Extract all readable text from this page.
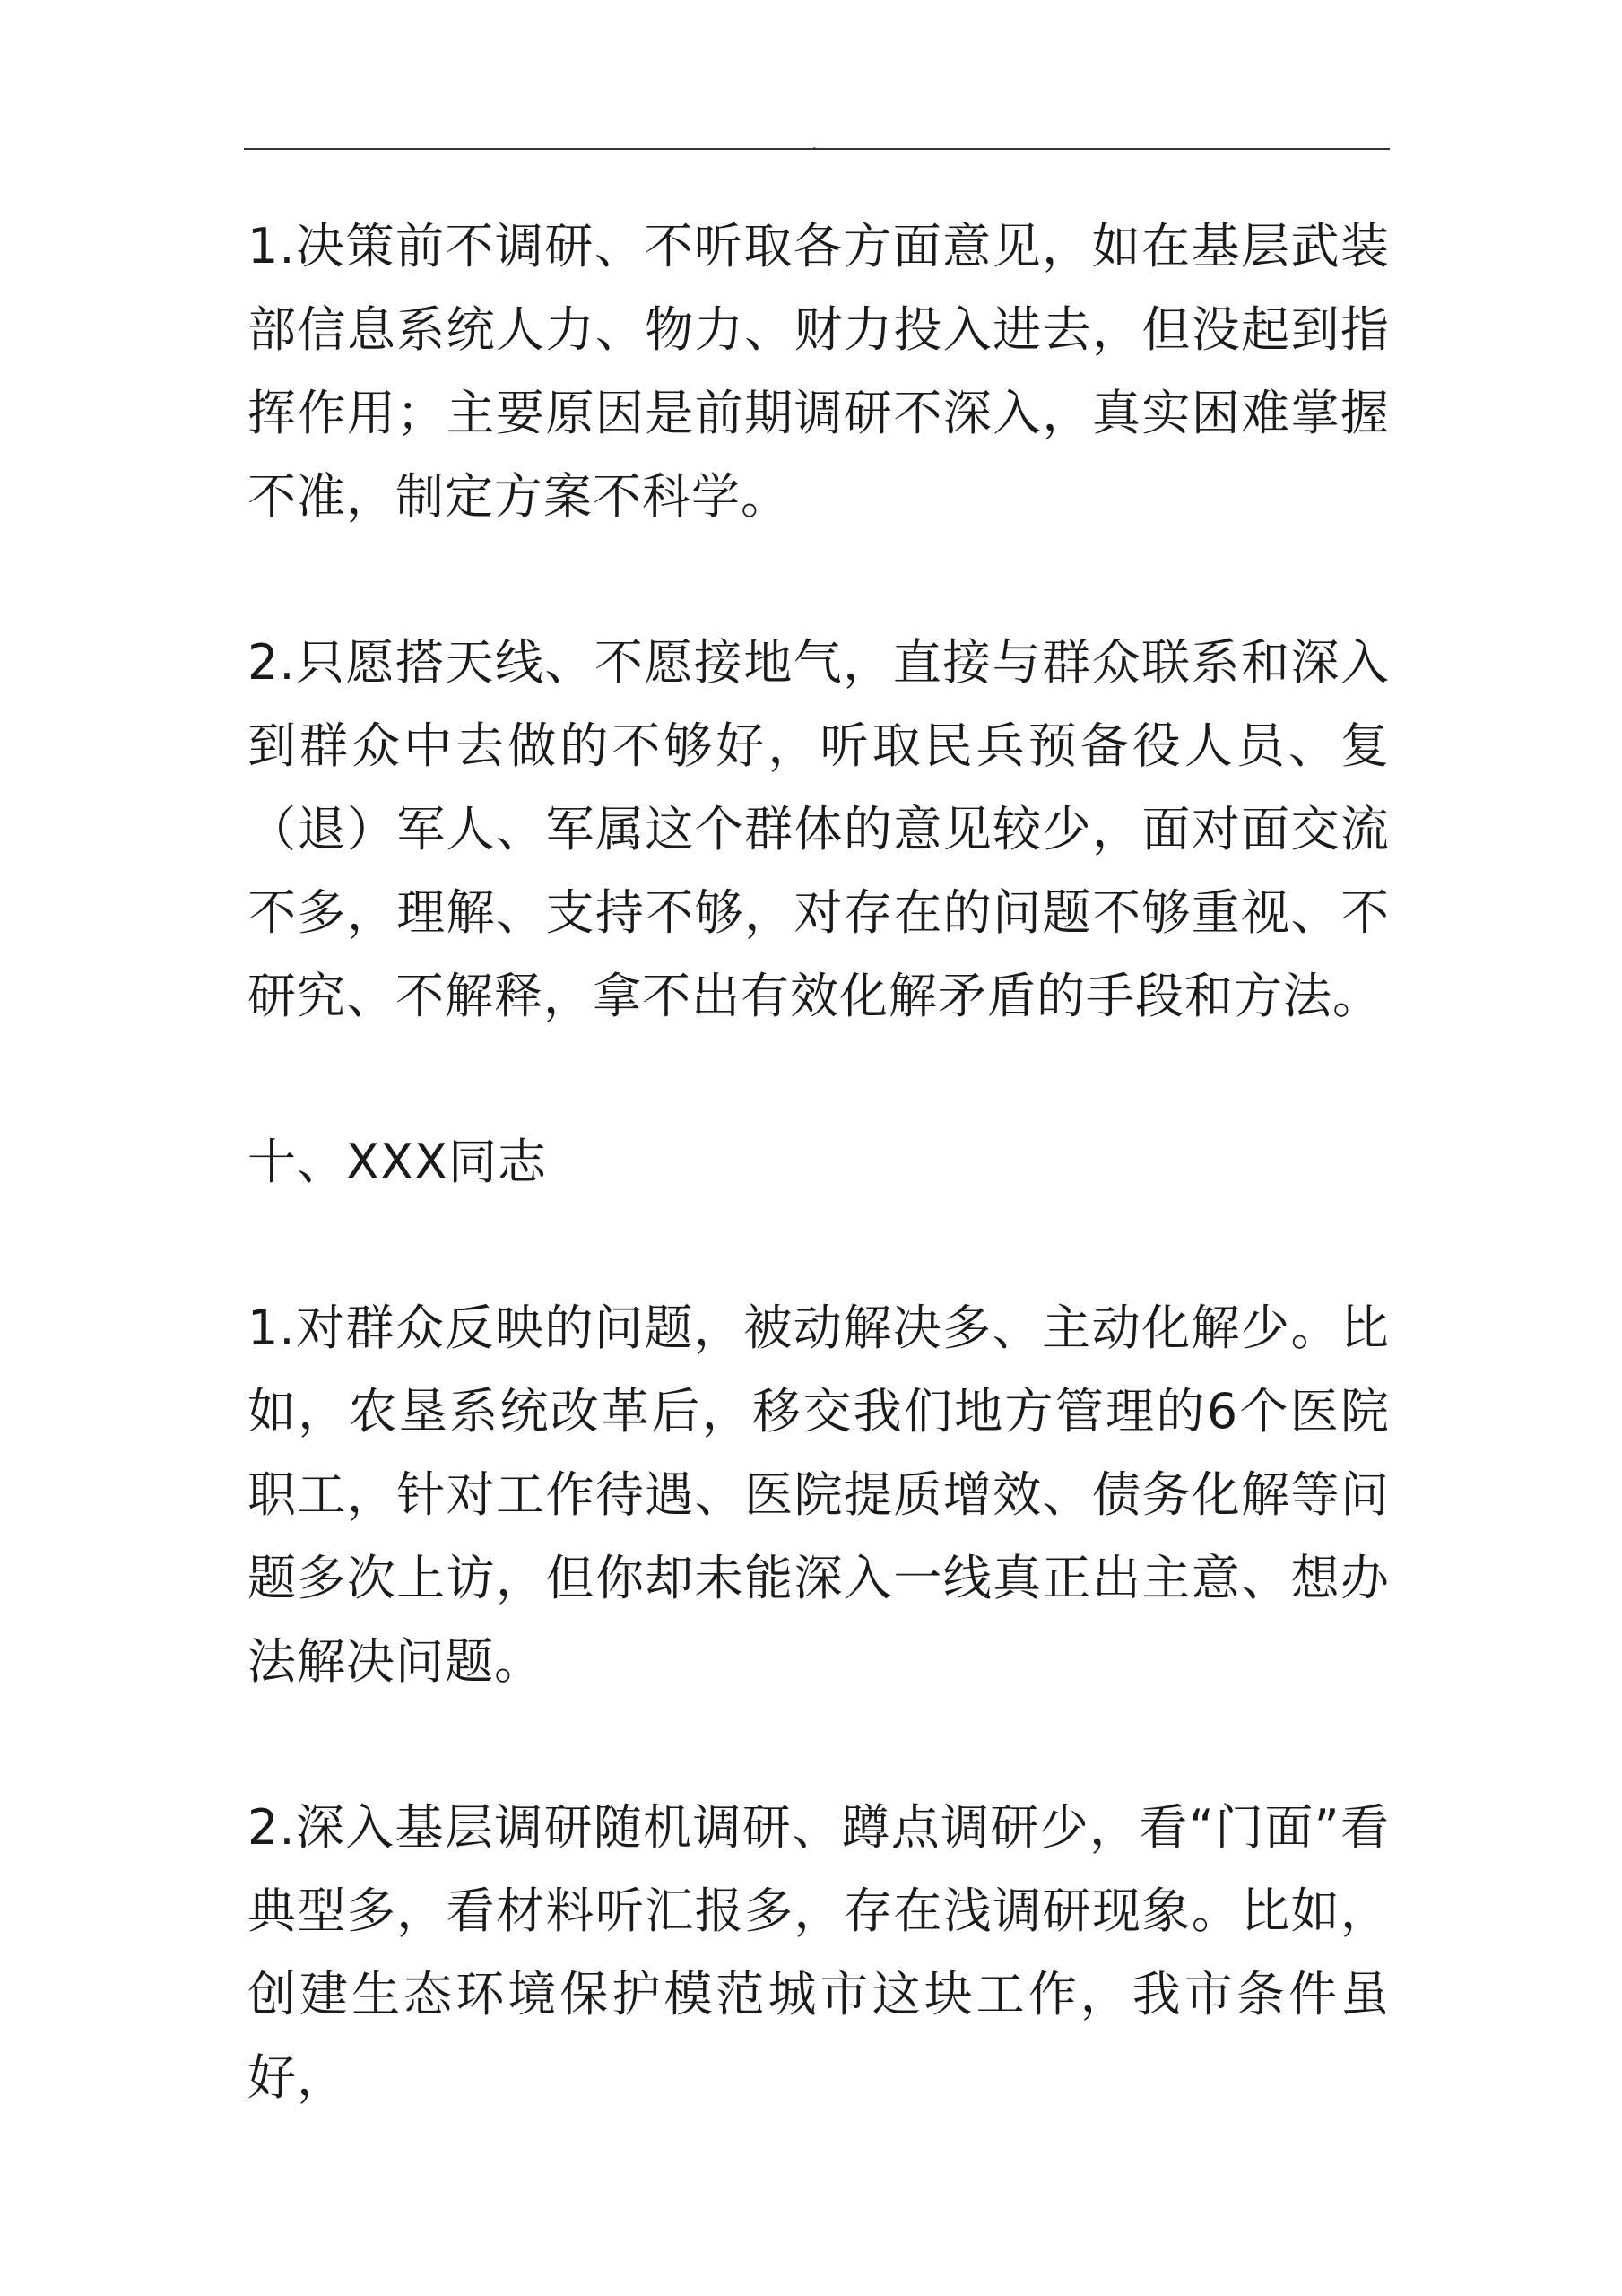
.

1.决策前不调研、不听取各方面意见，如在基层武装部信息系统人力、物力、财力投入进去，但没起到指挥作用；主要原因是前期调研不深入，真实困难掌握不准，制定方案不科学。

2.只愿搭天线、不愿接地气，直接与群众联系和深入到群众中去做的不够好，听取民兵预备役人员、复（退）军人、军属这个群体的意见较少，面对面交流不多，理解、支持不够，对存在的问题不够重视、不研究、不解释，拿不出有效化解矛盾的手段和方法。

十、XXX同志

1.对群众反映的问题，被动解决多、主动化解少。比如，农垦系统改革后，移交我们地方管理的6个医院职工，针对工作待遇、医院提质增效、债务化解等问题多次上访，但你却未能深入一线真正出主意、想办法解决问题。

2.深入基层调研随机调研、蹲点调研少，看“门面”看典型多，看材料听汇报多，存在浅调研现象。比如，创建生态环境保护模范城市这块工作，我市条件虽好，
